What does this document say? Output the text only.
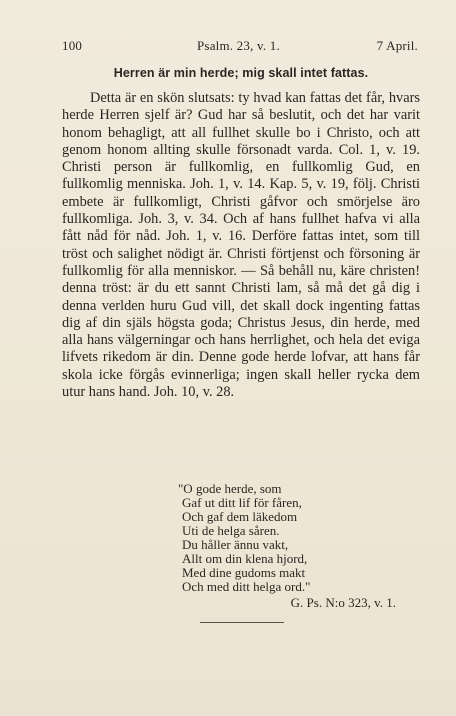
100	Psalm. 23, v. 1.	7 April.
Herren är min herde; mig skall intet fattas.

Detta är en skön slutsats: ty hvad kan fattas det får, hvars herde Herren sjelf är? Gud har så beslutit, och det har varit honom behagligt, att all fullhet skulle bo i Christo, och att genom honom allting skulle försonadt varda. Col. 1, v. 19. Christi person är fullkomlig, en fullkomlig Gud, en fullkomlig menniska. Joh. 1, v. 14. Kap. 5, v. 19, följ. Christi embete är fullkomligt, Christi gåfvor och smörjelse äro fullkomliga. Joh. 3, v. 34. Och af hans fullhet hafva vi alla fått nåd för nåd. Joh. 1, v. 16. Derföre fattas intet, som till tröst och salighet nödigt är. Christi förtjenst och försoning är fullkomlig för alla menniskor. — Så behåll nu, käre christen! denna tröst: är du ett sannt Christi lam, så må det gå dig i denna verlden huru Gud vill, det skall dock ingenting fattas dig af din själs högsta goda; Christus Jesus, din herde, med alla hans välgerningar och hans herrlighet, och hela det eviga lifvets rikedom är din. Denne gode herde lofvar, att hans får skola icke förgås evinnerliga; ingen skall heller rycka dem utur hans hand. Joh. 10, v. 28.

"O gode herde, som
Gaf ut ditt lif för fåren,
Och gaf dem läkedom
Uti de helga såren.
Du håller ännu vakt,
Allt om din klena hjord,
Med dine gudoms makt
Och med ditt helga ord."
G. Ps. N:o 323, v. 1.
